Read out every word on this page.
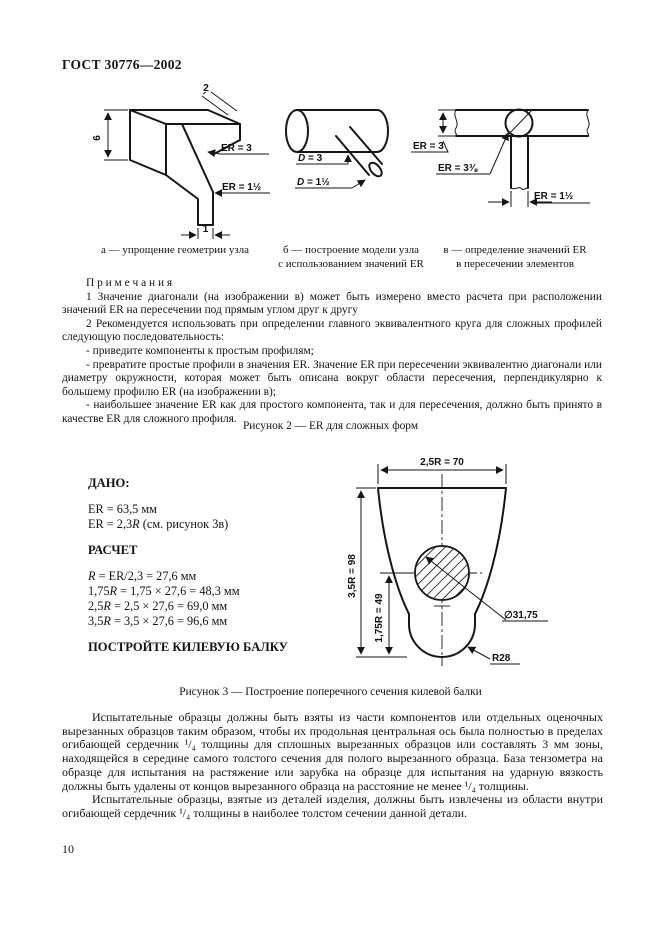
ГОСТ 30776—2002
6
2
1
ER = 3
ER = 1½
D = 3
D = 1½
ER = 3
ER = 3⅜
ER = 1½
а — упрощение геометрии узла	б — построение модели узла
с использованием значений ER
в — определение значений ER
в пересечении элементов

П р и м е ч а н и я

1 Значение диагонали (на изображении в) может быть измерено вместо расчета при расположении значений ER на пересечении под прямым углом друг к другу

2 Рекомендуется использовать при определении главного эквивалентного круга для сложных профилей следующую последовательность:

- приведите компоненты к простым профилям;

- превратите простые профили в значения ER. Значение ER при пересечении эквивалентно диагонали или диаметру окружности, которая может быть описана вокруг области пересечения, перпендикулярно к большему профилю ER (на изображении в);

- наибольшее значение ER как для простого компонента, так и для пересечения, должно быть принято в качестве ER для сложного профиля.

Рисунок 2 — ER для сложных форм
ДАНО:
ER = 63,5 мм
ER = 2,3R (см. рисунок 3в)
РАСЧЕТ
R = ER/2,3 = 27,6 мм
1,75R = 1,75 × 27,6 = 48,3 мм
2,5R = 2,5 × 27,6 = 69,0 мм
3,5R = 3,5 × 27,6 = 96,6 мм
ПОСТРОЙТЕ КИЛЕВУЮ БАЛКУ
2,5R = 70
3,5R = 98
1,75R = 49	∅31,75
R28
Рисунок 3 — Построение поперечного сечения килевой балки

Испытательные образцы должны быть взяты из части компонентов или отдельных оценочных вырезанных образцов таким образом, чтобы их продольная центральная ось была полностью в пределах огибающей сердечник ¹/₄ толщины для сплошных вырезанных образцов или составлять 3 мм зоны, находящейся в середине самого толстого сечения для полого вырезанного образца. База тензометра на образце для испытания на растяжение или зарубка на образце для испытания на ударную вязкость должны быть удалены от концов вырезанного образца на расстояние не менее ¹/₄ толщины.

Испытательные образцы, взятые из деталей изделия, должны быть извлечены из области внутри огибающей сердечник ¹/₄ толщины в наиболее толстом сечении данной детали.

10
